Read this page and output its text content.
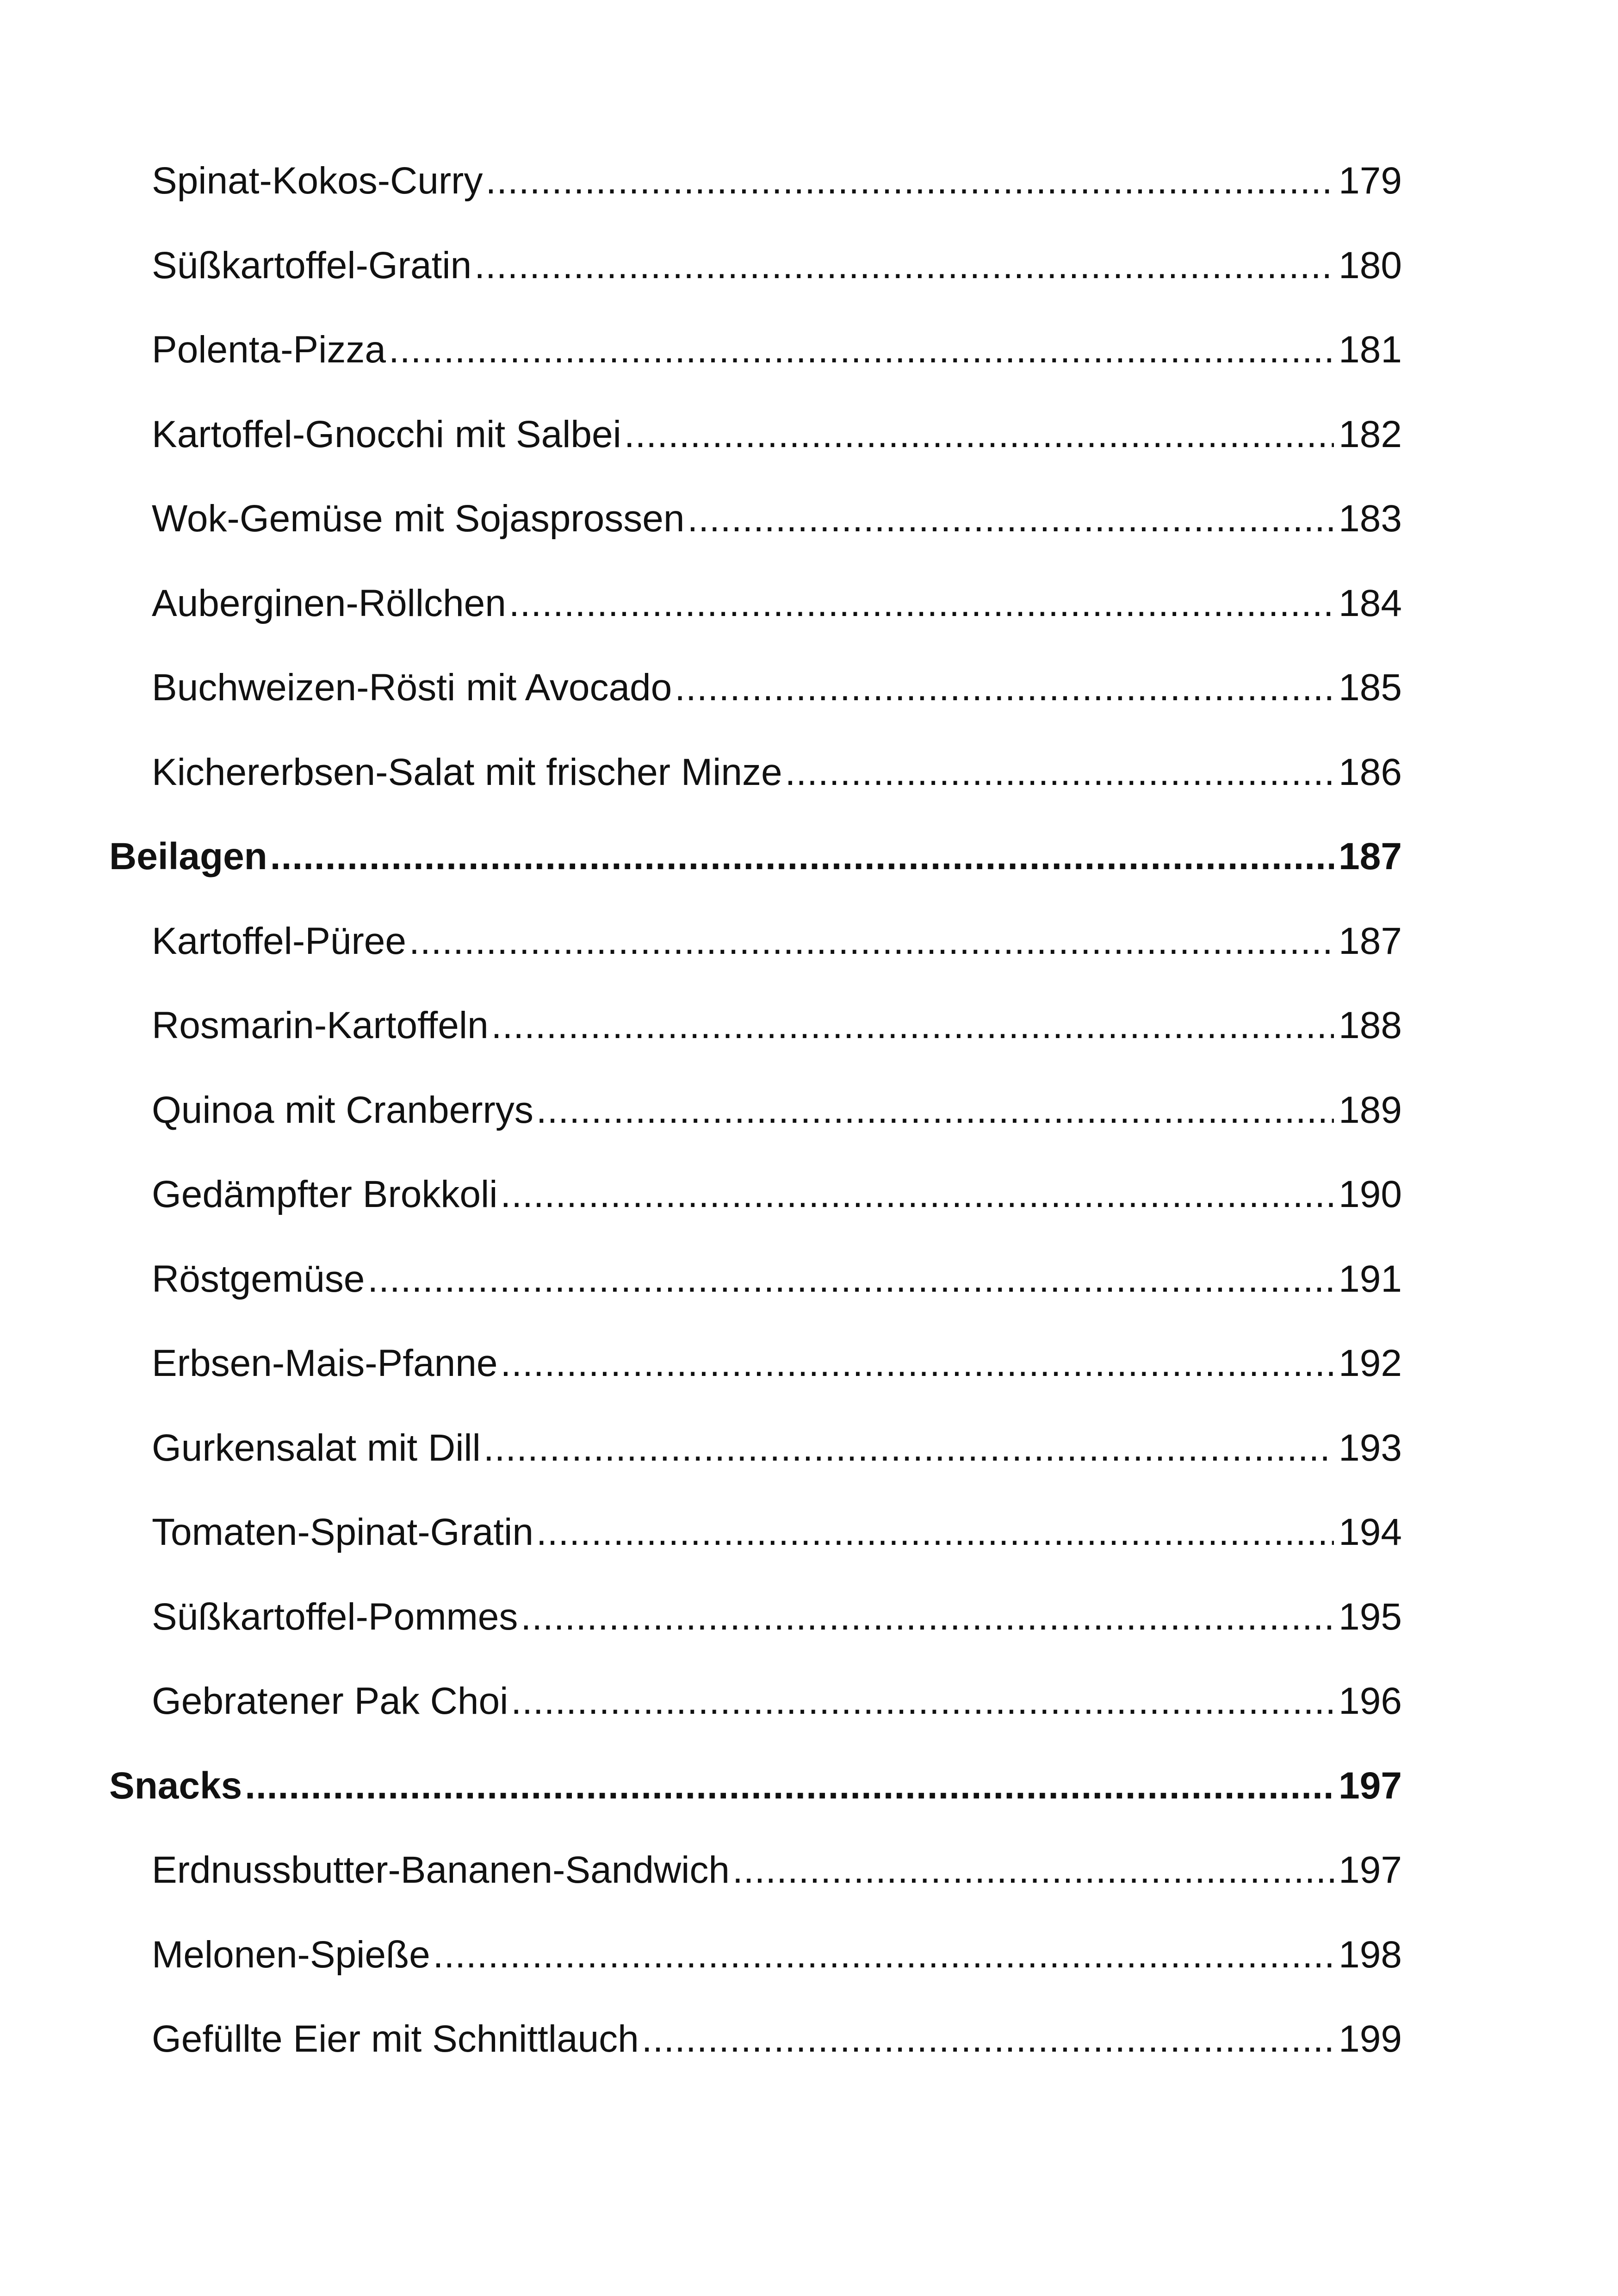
Spinat-Kokos-Curry .....	179
Süßkartoffel-Gratin .....	180
Polenta-Pizza .....	181
Kartoffel-Gnocchi mit Salbei .....	182
Wok-Gemüse mit Sojasprossen .....	183
Auberginen-Röllchen .....	184
Buchweizen-Rösti mit Avocado .....	185
Kichererbsen-Salat mit frischer Minze .....	186
Beilagen .....	187
Kartoffel-Püree .....	187
Rosmarin-Kartoffeln .....	188
Quinoa mit Cranberrys .....	189
Gedämpfter Brokkoli .....	190
Röstgemüse .....	191
Erbsen-Mais-Pfanne .....	192
Gurkensalat mit Dill .....	193
Tomaten-Spinat-Gratin .....	194
Süßkartoffel-Pommes .....	195
Gebratener Pak Choi .....	196
Snacks .....	197
Erdnussbutter-Bananen-Sandwich .....	197
Melonen-Spieße .....	198
Gefüllte Eier mit Schnittlauch .....	199
